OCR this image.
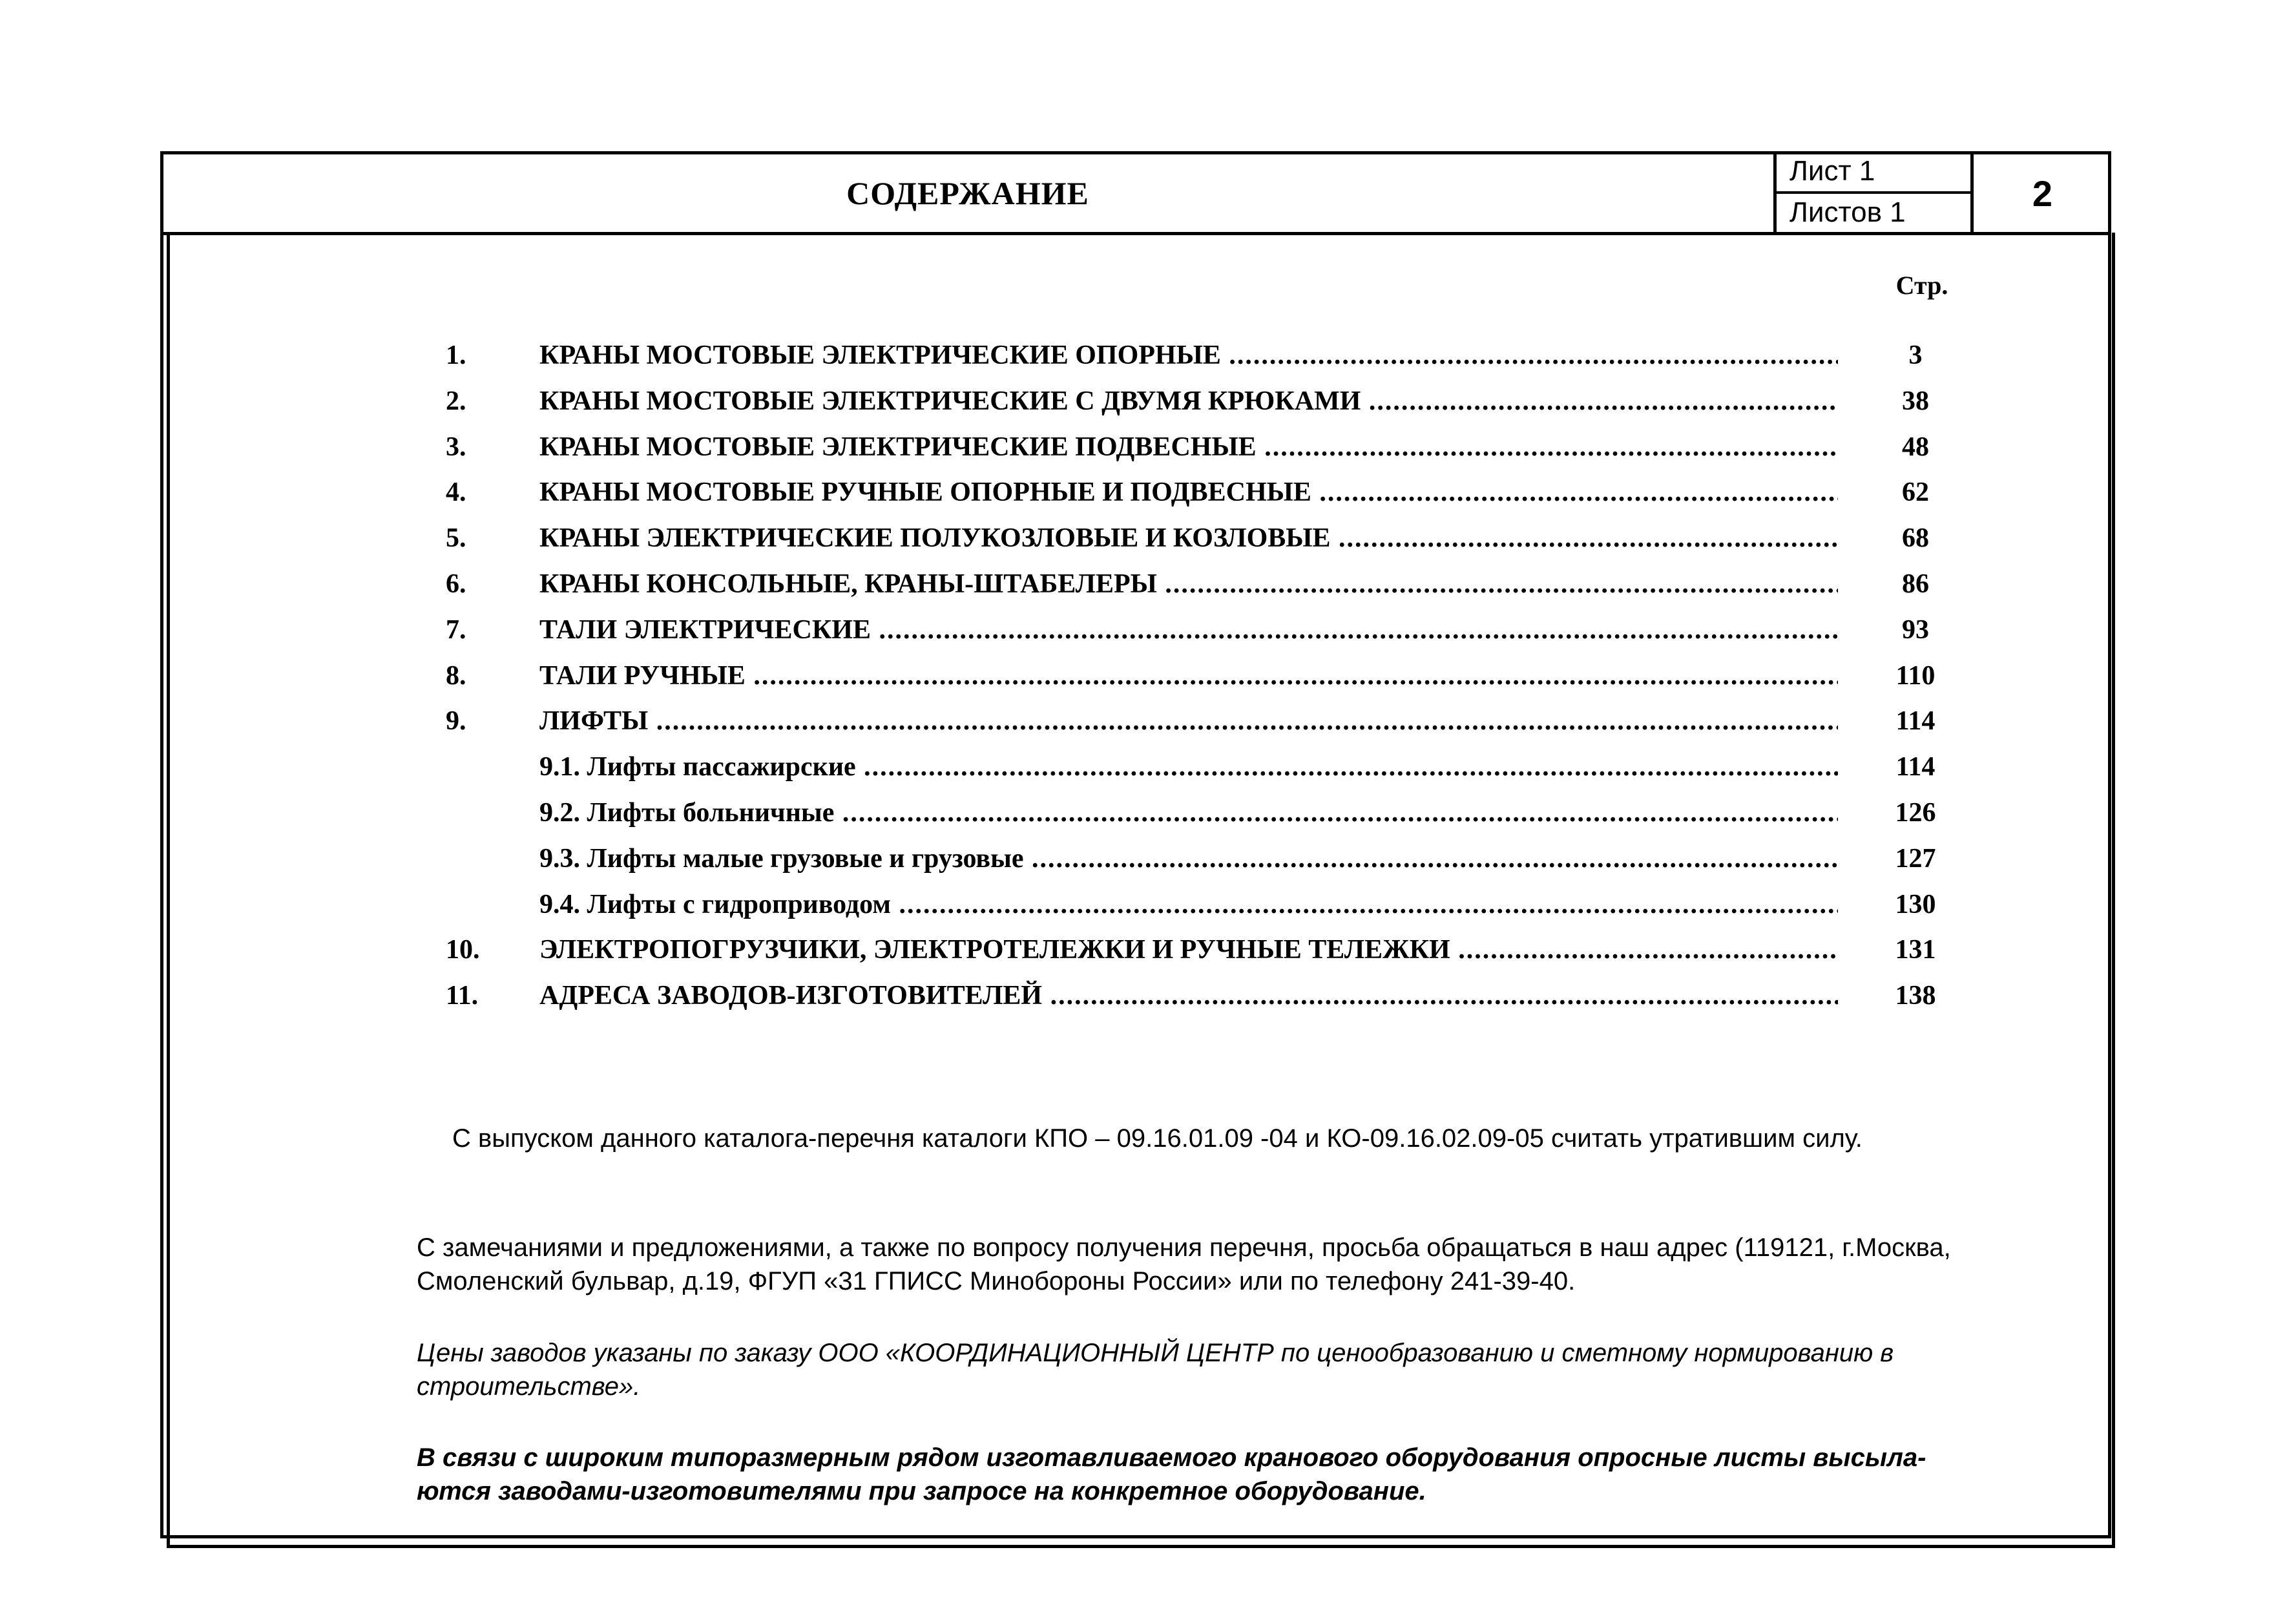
СОДЕРЖАНИЕ
Лист 1
Листов 1	2
Стр.
1.	КРАНЫ МОСТОВЫЕ ЭЛЕКТРИЧЕСКИЕ ОПОРНЫЕ .....	3
2.	КРАНЫ МОСТОВЫЕ ЭЛЕКТРИЧЕСКИЕ С ДВУМЯ КРЮКАМИ .....	38
3.	КРАНЫ МОСТОВЫЕ ЭЛЕКТРИЧЕСКИЕ ПОДВЕСНЫЕ .....	48
4.	КРАНЫ МОСТОВЫЕ РУЧНЫЕ ОПОРНЫЕ И ПОДВЕСНЫЕ .....	62
5.	КРАНЫ ЭЛЕКТРИЧЕСКИЕ ПОЛУКОЗЛОВЫЕ И КОЗЛОВЫЕ .....	68
6.	КРАНЫ КОНСОЛЬНЫЕ, КРАНЫ-ШТАБЕЛЕРЫ .....	86
7.	ТАЛИ ЭЛЕКТРИЧЕСКИЕ .....	93
8.	ТАЛИ РУЧНЫЕ .....	110
9.	ЛИФТЫ .....	114
9.1. Лифты пассажирские .....	114
9.2. Лифты больничные .....	126
9.3. Лифты малые грузовые и грузовые .....	127
9.4. Лифты с гидроприводом .....	130
10. ЭЛЕКТРОПОГРУЗЧИКИ, ЭЛЕКТРОТЕЛЕЖКИ И РУЧНЫЕ ТЕЛЕЖКИ .....	131
11. АДРЕСА ЗАВОДОВ-ИЗГОТОВИТЕЛЕЙ .....	138
С выпуском данного каталога-перечня каталоги КПО – 09.16.01.09 -04 и КО-09.16.02.09-05 считать утратившим силу.
С замечаниями и предложениями, а также по вопросу получения перечня, просьба обращаться в наш адрес (119121, г.Москва, Смоленский бульвар, д.19, ФГУП «31 ГПИСС Минобороны России» или по телефону 241-39-40.
Цены заводов указаны по заказу ООО «КООРДИНАЦИОННЫЙ ЦЕНТР по ценообразованию и сметному нормированию в строительстве».
В связи с широким типоразмерным рядом изготавливаемого кранового оборудования опросные листы высыла-ются заводами-изготовителями при запросе на конкретное оборудование.
